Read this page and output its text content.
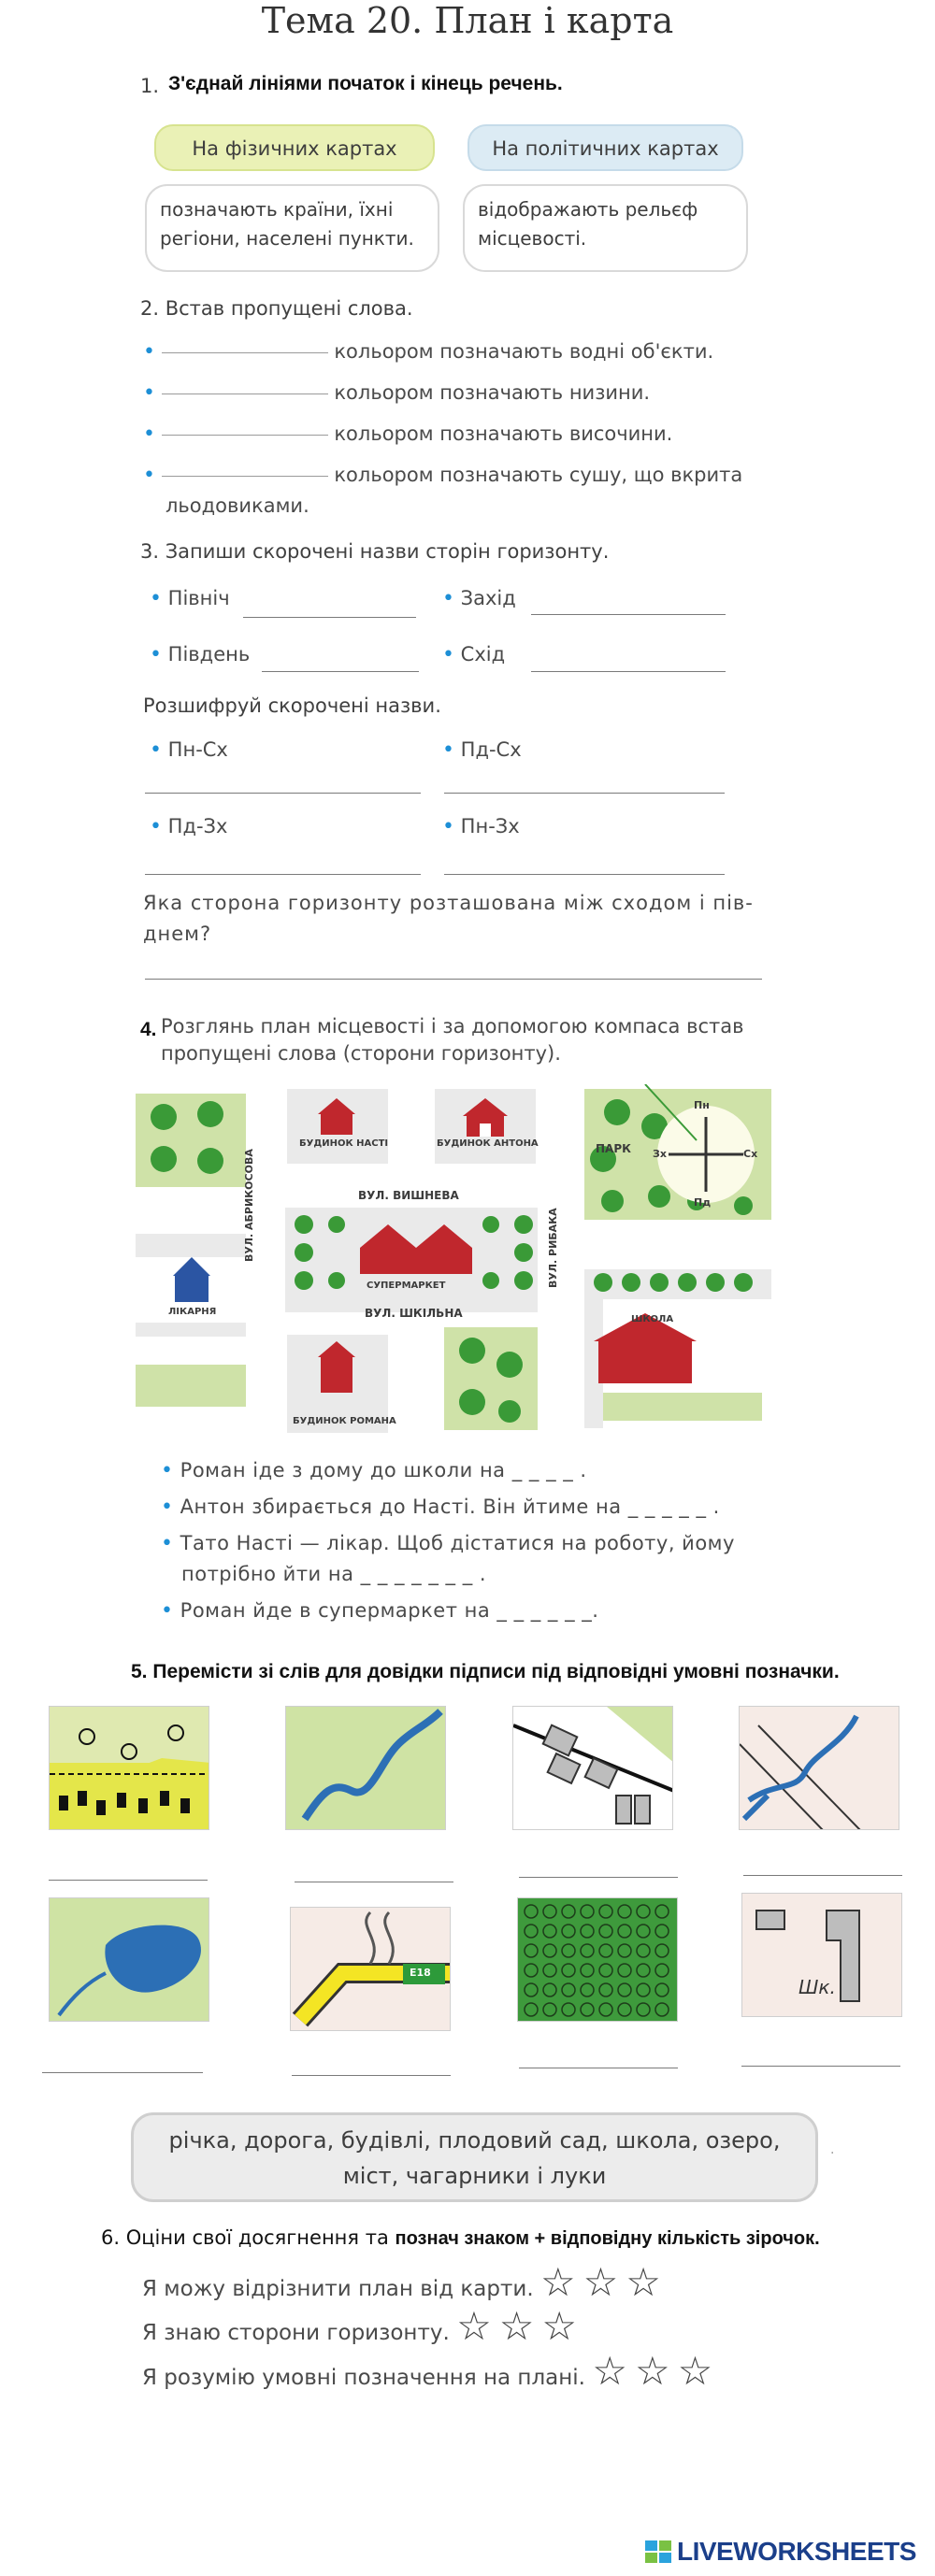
Тема 20. План і карта
1. З'єднай лініями початок і кінець речень.
На фізичних картах	На політичних картах
позначають країни, їхні регіони, населені пункти.
відображають рельєф місцевості.
2. Встав пропущені слова.
•	кольором позначають водні об'єкти.
•	кольором позначають низини.
•	кольором позначають височини.
•	кольором позначають сушу, що вкрита
льодовиками.
3. Запиши скорочені назви сторін горизонту.
• Північ	• Захід
• Південь	• Схід
Розшифруй скорочені назви.
• Пн-Сх	• Пд-Сх
• Пд-Зх	• Пн-Зх
Яка сторона горизонту розташована між сходом і пів-
днем?
4. Розглянь план місцевості і за допомогою компаса встав
пропущені слова (сторони горизонту).
БУДИНОК НАСТІ	БУДИНОК АНТОНА
ВУЛ. ВИШНЕВА
ВУЛ. АБРИКОСОВА	ВУЛ. РИБАКА
СУПЕРМАРКЕТ
ВУЛ. ШКІЛЬНА
ПАРК
Пн
Пд
Зх	Сх
ЛІКАРНЯ
ШКОЛА
БУДИНОК РОМАНА
• Роман іде з дому до школи на _ _ _ _ .
• Антон збирається до Насті. Він йтиме на _ _ _ _ _ .
• Тато Насті — лікар. Щоб дістатися на роботу, йому
потрібно йти на _ _ _ _ _ _ _ .
• Роман йде в супермаркет на _ _ _ _ _ _.
5. Перемісти зі слів для довідки підписи під відповідні умовні позначки.
Е18
Шк.
річка, дорога, будівлі, плодовий сад, школа, озеро,
міст, чагарники і луки
.
6. Оціни свої досягнення та познач знаком + відповідну кількість зірочок.
Я можу відрізнити план від карти. ☆☆☆
Я знаю сторони горизонту. ☆☆☆
Я розумію умовні позначення на плані. ☆☆☆
LIVEWORKSHEETS
